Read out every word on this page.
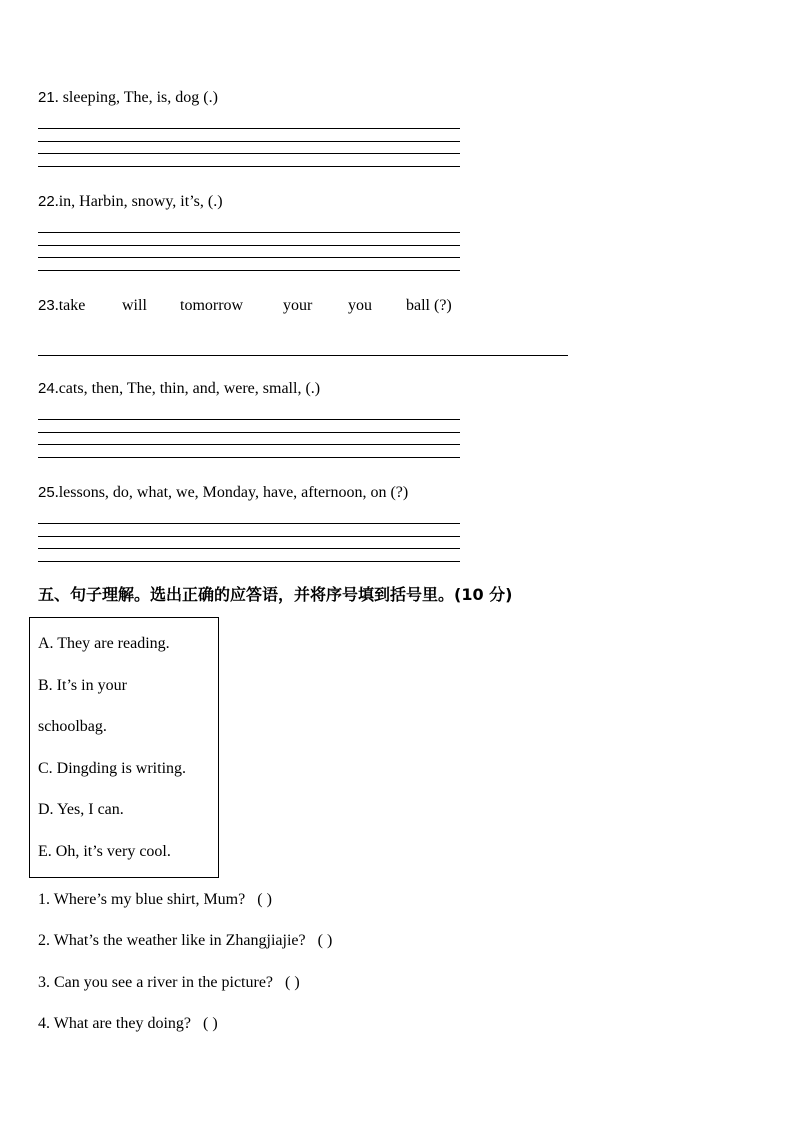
21. sleeping, The, is, dog (.)
22.in, Harbin, snowy, it’s, (.)
23.take will tomorrow your you ball (?)
24.cats, then, The, thin, and, were, small, (.)
25.lessons, do, what, we, Monday, have, afternoon, on (?)
五、句子理解。选出正确的应答语，并将序号填到括号里。(10 分)
A. They are reading.
B. It’s in your
schoolbag.
C. Dingding is writing.
D. Yes, I can.
E. Oh, it’s very cool.
1. Where’s my blue shirt, Mum? ( )
2. What’s the weather like in Zhangjiajie? ( )
3. Can you see a river in the picture? ( )
4. What are they doing? ( )
